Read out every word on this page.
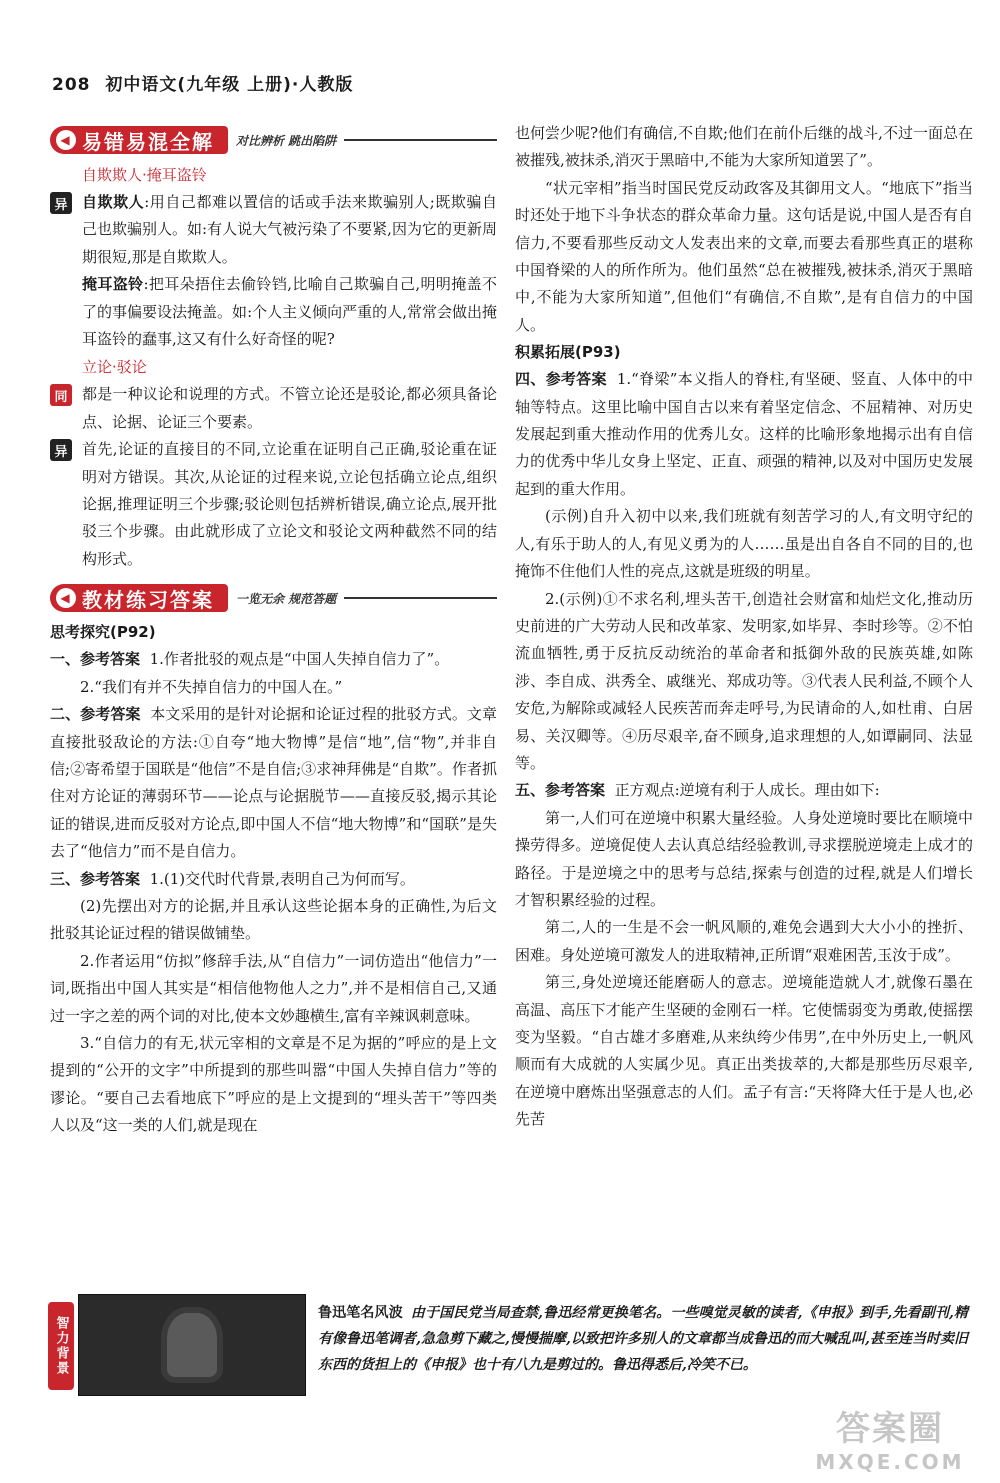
208 初中语文(九年级 上册)·人教版
◀ 易错易混全解 对比辨析 跳出陷阱
自欺欺人·掩耳盗铃
异 自欺欺人:用自己都难以置信的话或手法来欺骗别人;既欺骗自己也欺骗别人。如:有人说大气被污染了不要紧,因为它的更新周期很短,那是自欺欺人。

掩耳盗铃:把耳朵捂住去偷铃铛,比喻自己欺骗自己,明明掩盖不了的事偏要设法掩盖。如:个人主义倾向严重的人,常常会做出掩耳盗铃的蠢事,这又有什么好奇怪的呢?

立论·驳论
同 都是一种议论和说理的方式。不管立论还是驳论,都必须具备论点、论据、论证三个要素。

异 首先,论证的直接目的不同,立论重在证明自己正确,驳论重在证明对方错误。其次,从论证的过程来说,立论包括确立论点,组织论据,推理证明三个步骤;驳论则包括辨析错误,确立论点,展开批驳三个步骤。由此就形成了立论文和驳论文两种截然不同的结构形式。

◀ 教材练习答案 一览无余 规范答题
思考探究(P92)

一、参考答案 1.作者批驳的观点是“中国人失掉自信力了”。

2.“我们有并不失掉自信力的中国人在。”

二、参考答案 本文采用的是针对论据和论证过程的批驳方式。文章直接批驳敌论的方法:①自夸“地大物博”是信“地”,信“物”,并非自信;②寄希望于国联是“他信”不是自信;③求神拜佛是“自欺”。作者抓住对方论证的薄弱环节——论点与论据脱节——直接反驳,揭示其论证的错误,进而反驳对方论点,即中国人不信“地大物博”和“国联”是失去了“他信力”而不是自信力。

三、参考答案 1.(1)交代时代背景,表明自己为何而写。

(2)先摆出对方的论据,并且承认这些论据本身的正确性,为后文批驳其论证过程的错误做铺垫。

2.作者运用“仿拟”修辞手法,从“自信力”一词仿造出“他信力”一词,既指出中国人其实是“相信他物他人之力”,并不是相信自己,又通过一字之差的两个词的对比,使本文妙趣横生,富有辛辣讽刺意味。

3.“自信力的有无,状元宰相的文章是不足为据的”呼应的是上文提到的“公开的文字”中所提到的那些叫嚣“中国人失掉自信力”等的谬论。“要自己去看地底下”呼应的是上文提到的“埋头苦干”等四类人以及“这一类的人们,就是现在

也何尝少呢?他们有确信,不自欺;他们在前仆后继的战斗,不过一面总在被摧残,被抹杀,消灭于黑暗中,不能为大家所知道罢了”。

“状元宰相”指当时国民党反动政客及其御用文人。“地底下”指当时还处于地下斗争状态的群众革命力量。这句话是说,中国人是否有自信力,不要看那些反动文人发表出来的文章,而要去看那些真正的堪称中国脊梁的人的所作所为。他们虽然“总在被摧残,被抹杀,消灭于黑暗中,不能为大家所知道”,但他们“有确信,不自欺”,是有自信力的中国人。

积累拓展(P93)

四、参考答案 1.“脊梁”本义指人的脊柱,有坚硬、竖直、人体中的中轴等特点。这里比喻中国自古以来有着坚定信念、不屈精神、对历史发展起到重大推动作用的优秀儿女。这样的比喻形象地揭示出有自信力的优秀中华儿女身上坚定、正直、顽强的精神,以及对中国历史发展起到的重大作用。

(示例)自升入初中以来,我们班就有刻苦学习的人,有文明守纪的人,有乐于助人的人,有见义勇为的人……虽是出自各自不同的目的,也掩饰不住他们人性的亮点,这就是班级的明星。

2.(示例)①不求名利,埋头苦干,创造社会财富和灿烂文化,推动历史前进的广大劳动人民和改革家、发明家,如毕昇、李时珍等。②不怕流血牺牲,勇于反抗反动统治的革命者和抵御外敌的民族英雄,如陈涉、李自成、洪秀全、戚继光、郑成功等。③代表人民利益,不顾个人安危,为解除或减轻人民疾苦而奔走呼号,为民请命的人,如杜甫、白居易、关汉卿等。④历尽艰辛,奋不顾身,追求理想的人,如谭嗣同、法显等。

五、参考答案 正方观点:逆境有利于人成长。理由如下:

第一,人们可在逆境中积累大量经验。人身处逆境时要比在顺境中操劳得多。逆境促使人去认真总结经验教训,寻求摆脱逆境走上成才的路径。于是逆境之中的思考与总结,探索与创造的过程,就是人们增长才智积累经验的过程。

第二,人的一生是不会一帆风顺的,难免会遇到大大小小的挫折、困难。身处逆境可激发人的进取精神,正所谓“艰难困苦,玉汝于成”。

第三,身处逆境还能磨砺人的意志。逆境能造就人才,就像石墨在高温、高压下才能产生坚硬的金刚石一样。它使懦弱变为勇敢,使摇摆变为坚毅。“自古雄才多磨难,从来纨绔少伟男”,在中外历史上,一帆风顺而有大成就的人实属少见。真正出类拔萃的,大都是那些历尽艰辛,在逆境中磨炼出坚强意志的人们。孟子有言:“天将降大任于是人也,必先苦

智力背景
鲁迅笔名风波 由于国民党当局查禁,鲁迅经常更换笔名。一些嗅觉灵敏的读者,《申报》到手,先看副刊,精有像鲁迅笔调者,急急剪下藏之,慢慢揣摩,以致把许多别人的文章都当成鲁迅的而大喊乱叫,甚至连当时卖旧东西的货担上的《申报》也十有八九是剪过的。鲁迅得悉后,冷笑不已。
答案圈
MXQE.COM
